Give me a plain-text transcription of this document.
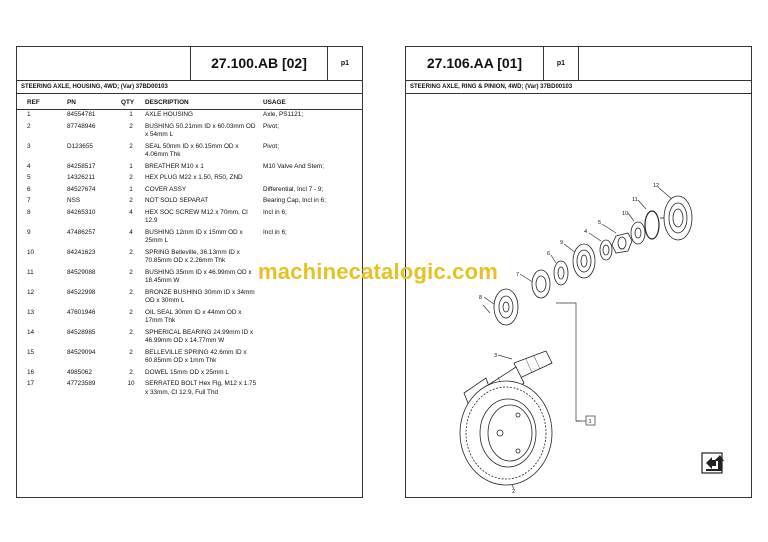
27.100.AB [02]	p1
STEERING AXLE, HOUSING, 4WD; (Var) 37BD00103
REF	PN	QTY	DESCRIPTION	USAGE
1	84554781	1	AXLE HOUSING	Axle, PS1121;
2	87748946	2	BUSHING 50.21mm ID x 60.03mm OD x 54mm L	Pivot;
3	D123655	2	SEAL 50mm ID x 60.15mm OD x 4.06mm Thk	Pivot;
4	84258517	1	BREATHER M10 x 1	M10 Valve And Stem;
5	14326211	2	HEX PLUG M22 x 1.50, R50, ZND	
6	84527674	1	COVER ASSY	Differential, Incl 7 - 9;
7	NSS	2	NOT SOLD SEPARAT	Bearing Cap, Incl in 6;
8	84265310	4	HEX SOC SCREW M12 x 70mm, Cl 12.9	Incl in 6;
9	47486257	4	BUSHING 12mm ID x 15mm OD x 25mm L	Incl in 6;
10	84241623	2	SPRING Belleville, 36.13mm ID x 70.85mm OD x 2.26mm Thk	
11	84529088	2	BUSHING 35mm ID x 46.99mm OD x 18.45mm W	
12	84522998	2	BRONZE BUSHING 30mm ID x 34mm OD x 30mm L	
13	47601946	2	OIL SEAL 30mm ID x 44mm OD x 17mm Thk	
14	84528985	2	SPHERICAL BEARING 24.99mm ID x 46.99mm OD x 14.77mm W	
15	84529094	2	BELLEVILLE SPRING 42.6mm ID x 60.85mm OD x 1mm Thk	
16	4985062	2	DOWEL 15mm OD x 25mm L	
17	47723589	10	SERRATED BOLT Hex Flg, M12 x 1.75 x 33mm, Cl 12.9, Full Thd	
27.106.AA [01]	p1
STEERING AXLE, RING & PINION, 4WD; (Var) 37BD00103
1
2
3
4
5
6
7
8
9
10
11
12
machinecatalogic.com
